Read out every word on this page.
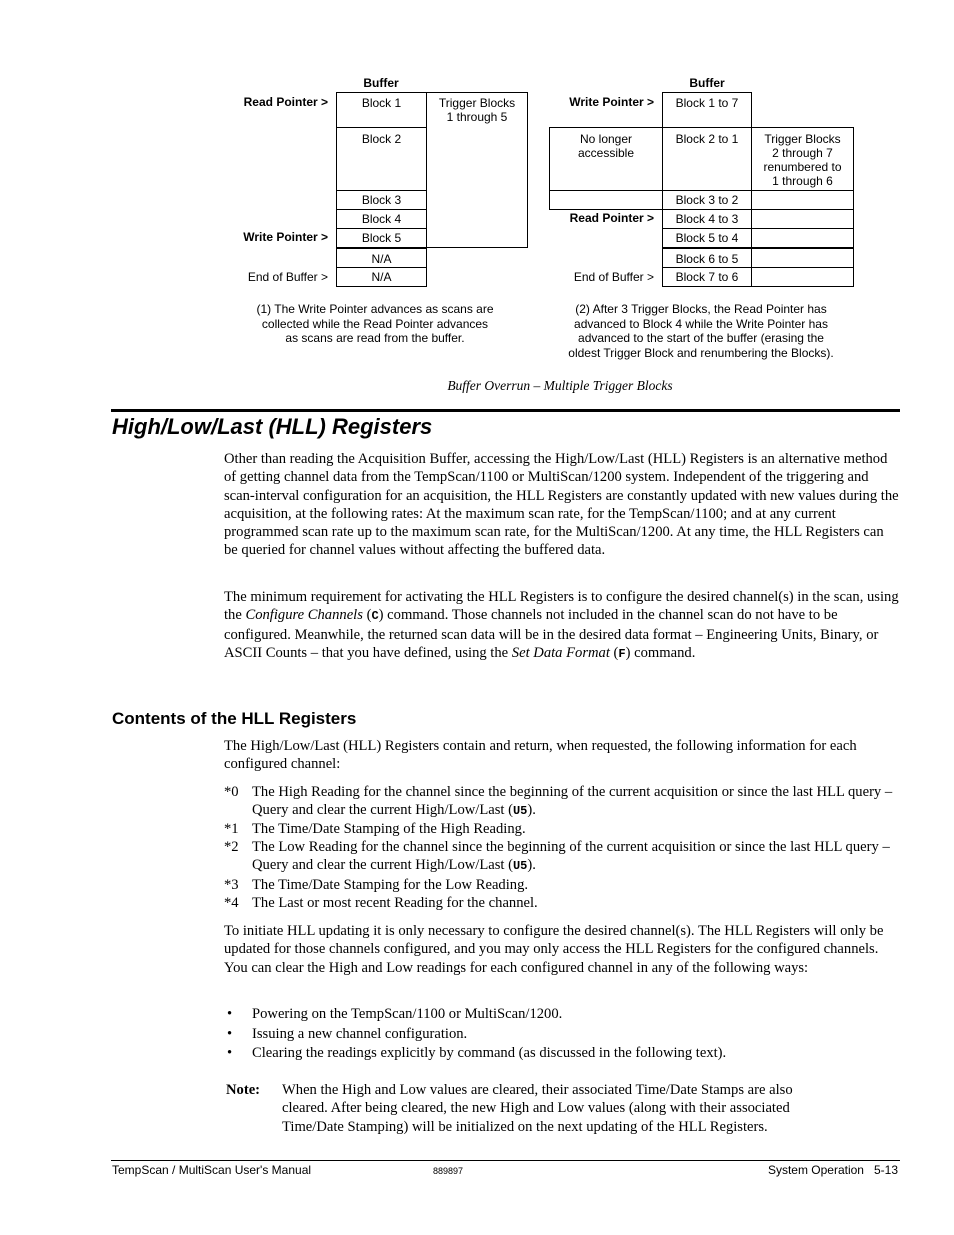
Buffer
Read Pointer >
Write Pointer >
End of Buffer >
Block 1
Block 2
Block 3
Block 4
Block 5
N/A
N/A
Trigger Blocks
1 through 5
(1) The Write Pointer advances as scans are
collected while the Read Pointer advances
as scans are read from the buffer.
Buffer
Write Pointer >
Read Pointer >
End of Buffer >
No longer
accessible
Block 1 to 7
Block 2 to 1
Block 3 to 2
Block 4 to 3
Block 5 to 4
Block 6 to 5
Block 7 to 6
Trigger Blocks
2 through 7
renumbered to
1 through 6
(2) After 3 Trigger Blocks, the Read Pointer has
advanced to Block 4 while the Write Pointer has
advanced to the start of the buffer (erasing the
oldest Trigger Block and renumbering the Blocks).
Buffer Overrun – Multiple Trigger Blocks
High/Low/Last (HLL) Registers

Other than reading the Acquisition Buffer, accessing the High/Low/Last (HLL) Registers is an alternative method of getting channel data from the TempScan/1100 or MultiScan/1200 system. Independent of the triggering and scan-interval configuration for an acquisition, the HLL Registers are constantly updated with new values during the acquisition, at the following rates: At the maximum scan rate, for the TempScan/1100; and at any current programmed scan rate up to the maximum scan rate, for the MultiScan/1200. At any time, the HLL Registers can be queried for channel values without affecting the buffered data.

The minimum requirement for activating the HLL Registers is to configure the desired channel(s) in the scan, using the Configure Channels (C) command. Those channels not included in the channel scan do not have to be configured. Meanwhile, the returned scan data will be in the desired data format – Engineering Units, Binary, or ASCII Counts – that you have defined, using the Set Data Format (F) command.

Contents of the HLL Registers

The High/Low/Last (HLL) Registers contain and return, when requested, the following information for each configured channel:

*0 The High Reading for the channel since the beginning of the current acquisition or since the last HLL query – Query and clear the current High/Low/Last (U5).
*1 The Time/Date Stamping of the High Reading.
*2 The Low Reading for the channel since the beginning of the current acquisition or since the last HLL query – Query and clear the current High/Low/Last (U5).
*3 The Time/Date Stamping for the Low Reading.
*4 The Last or most recent Reading for the channel.

To initiate HLL updating it is only necessary to configure the desired channel(s). The HLL Registers will only be updated for those channels configured, and you may only access the HLL Registers for the configured channels. You can clear the High and Low readings for each configured channel in any of the following ways:

• Powering on the TempScan/1100 or MultiScan/1200.
• Issuing a new channel configuration.
• Clearing the readings explicitly by command (as discussed in the following text).
Note: When the High and Low values are cleared, their associated Time/Date Stamps are also cleared. After being cleared, the new High and Low values (along with their associated Time/Date Stamping) will be initialized on the next updating of the HLL Registers.

TempScan / MultiScan User's Manual	889897	System Operation   5-13
